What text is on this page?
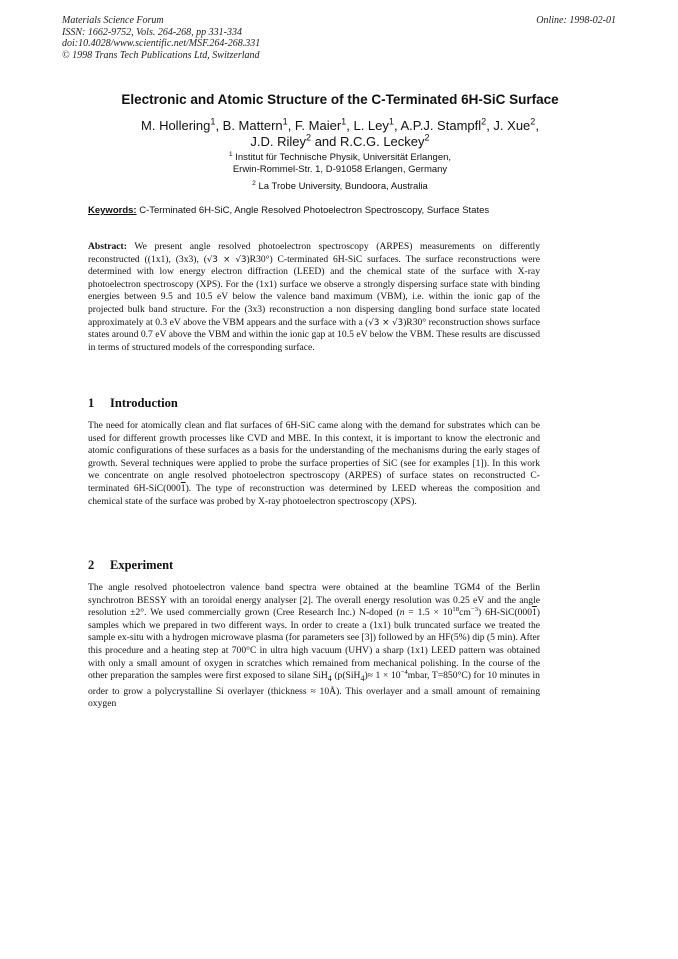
Materials Science Forum
ISSN: 1662-9752, Vols. 264-268, pp 331-334
doi:10.4028/www.scientific.net/MSF.264-268.331
© 1998 Trans Tech Publications Ltd, Switzerland
Online: 1998-02-01
Electronic and Atomic Structure of the C-Terminated 6H-SiC Surface
M. Hollering$^1$, B. Mattern$^1$, F. Maier$^1$, L. Ley$^1$, A.P.J. Stampfl$^2$, J. Xue$^2$,
J.D. Riley$^2$ and R.C.G. Leckey$^2$
$^1$ Institut für Technische Physik, Universität Erlangen,
Erwin-Rommel-Str. 1, D-91058 Erlangen, Germany
$^2$ La Trobe University, Bundoora, Australia
Keywords: C-Terminated 6H-SiC, Angle Resolved Photoelectron Spectroscopy, Surface States
Abstract: We present angle resolved photoelectron spectroscopy (ARPES) measurements on differently reconstructed ((1x1), (3x3), (√3 × √3)R30°) C-terminated 6H-SiC surfaces. The surface reconstructions were determined with low energy electron diffraction (LEED) and the chemical state of the surface with X-ray photoelectron spectroscopy (XPS). For the (1x1) surface we observe a strongly dispersing surface state with binding energies between 9.5 and 10.5 eV below the valence band maximum (VBM), i.e. within the ionic gap of the projected bulk band structure. For the (3x3) reconstruction a non dispersing dangling bond surface state located approximately at 0.3 eV above the VBM appears and the surface with a (√3 × √3)R30° reconstruction shows surface states around 0.7 eV above the VBM and within the ionic gap at 10.5 eV below the VBM. These results are discussed in terms of structured models of the corresponding surface.
1 Introduction
The need for atomically clean and flat surfaces of 6H-SiC came along with the demand for substrates which can be used for different growth processes like CVD and MBE. In this context, it is important to know the electronic and atomic configurations of these surfaces as a basis for the understanding of the mechanisms during the early stages of growth. Several techniques were applied to probe the surface properties of SiC (see for examples [1]). In this work we concentrate on angle resolved photoelectron spectroscopy (ARPES) of surface states on reconstructed C-terminated 6H-SiC(0001). The type of reconstruction was determined by LEED whereas the composition and chemical state of the surface was probed by X-ray photoelectron spectroscopy (XPS).
2 Experiment
The angle resolved photoelectron valence band spectra were obtained at the beamline TGM4 of the Berlin synchrotron BESSY with an toroidal energy analyser [2]. The overall energy resolution was 0.25 eV and the angle resolution ±2°. We used commercially grown (Cree Research Inc.) N-doped $(n = 1.5 \times 10^{18}cm^{-3})$ 6H-SiC(0001) samples which we prepared in two different ways. In order to create a (1x1) bulk truncated surface we treated the sample ex-situ with a hydrogen microwave plasma (for parameters see [3]) followed by an HF(5%) dip (5 min). After this procedure and a heating step at 700°C in ultra high vacuum (UHV) a sharp (1x1) LEED pattern was obtained with only a small amount of oxygen in scratches which remained from mechanical polishing. In the course of the other preparation the samples were first exposed to silane SiH$_4$ ($p(SiH_4)\approx 1 \times 10^{-4}mbar$, T=850°C) for 10 minutes in order to grow a polycrystalline Si overlayer (thickness ≈ 10Å). This overlayer and a small amount of remaining oxygen
